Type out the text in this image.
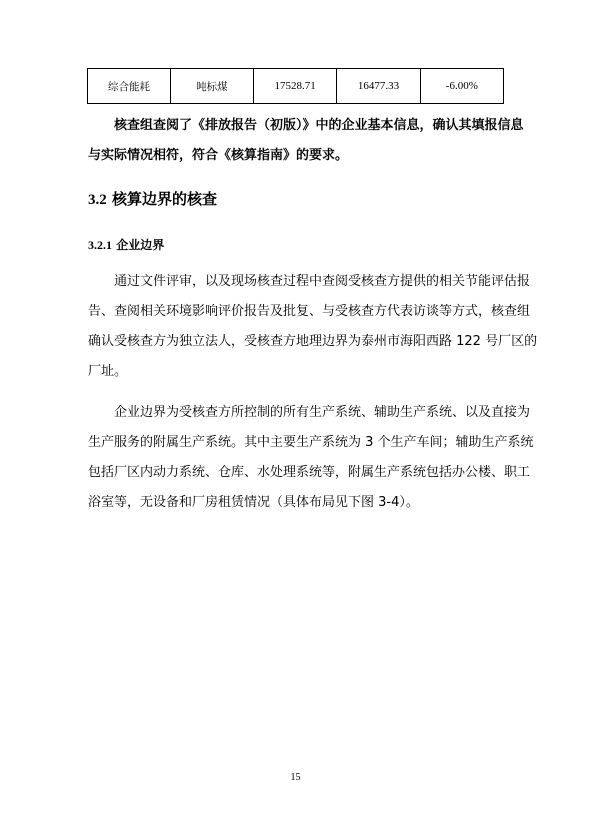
综合能耗	吨标煤	17528.71	16477.33	-6.00%
核查组查阅了《排放报告（初版）》中的企业基本信息，确认其填报信息
与实际情况相符，符合《核算指南》的要求。
3.2 核算边界的核查
3.2.1 企业边界
通过文件评审，以及现场核查过程中查阅受核查方提供的相关节能评估报
告、查阅相关环境影响评价报告及批复、与受核查方代表访谈等方式，核查组
确认受核查方为独立法人，受核查方地理边界为泰州市海阳西路 122 号厂区的
厂址。
企业边界为受核查方所控制的所有生产系统、辅助生产系统、以及直接为
生产服务的附属生产系统。其中主要生产系统为 3 个生产车间；辅助生产系统
包括厂区内动力系统、仓库、水处理系统等，附属生产系统包括办公楼、职工
浴室等，无设备和厂房租赁情况（具体布局见下图 3-4）。
15
